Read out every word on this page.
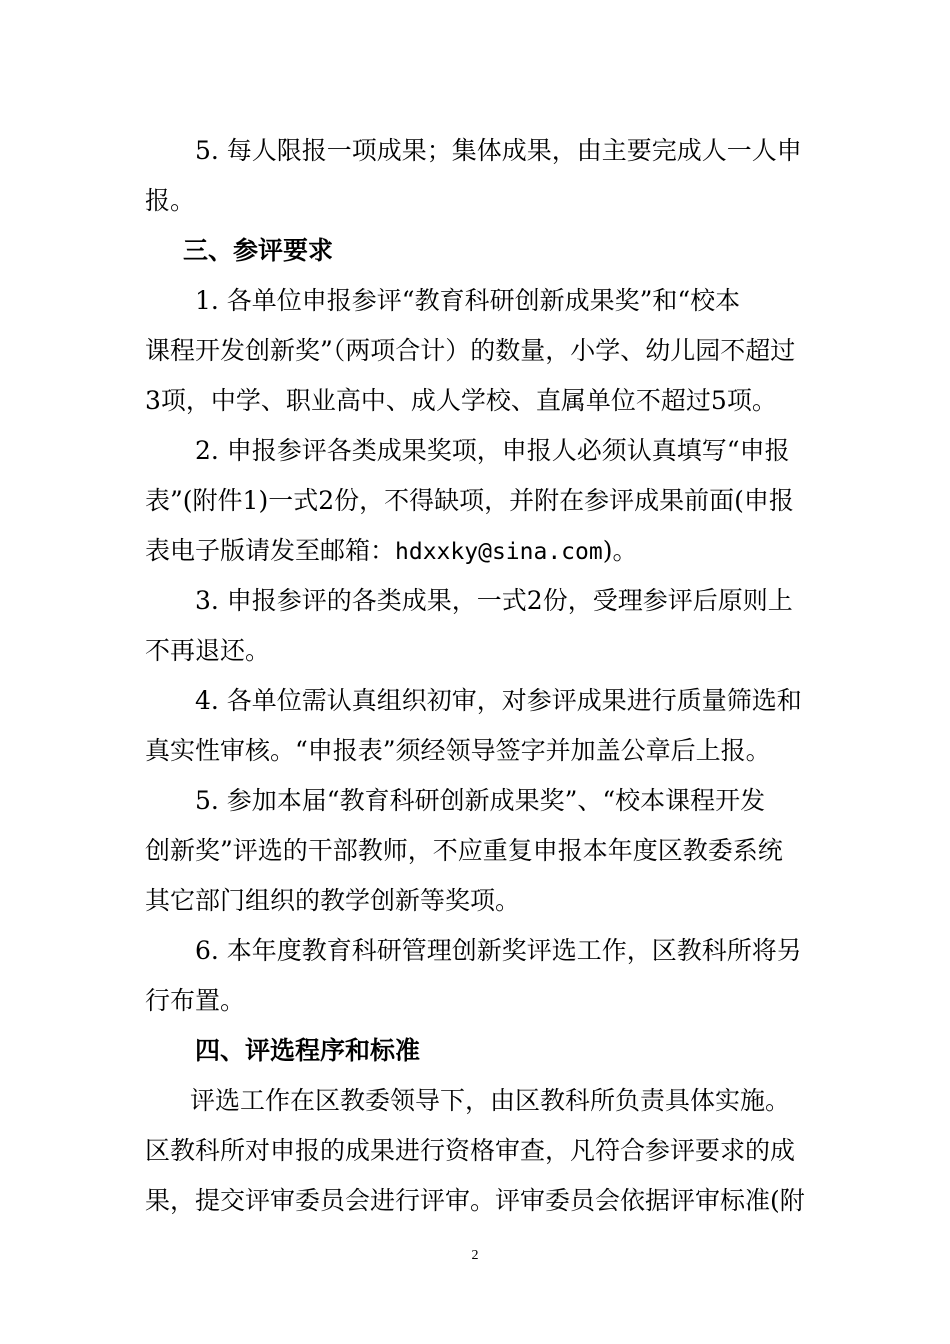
5. 每人限报一项成果；集体成果，由主要完成人一人申
报。
三、参评要求
1. 各单位申报参评“教育科研创新成果奖”和“校本
课程开发创新奖”（两项合计）的数量，小学、幼儿园不超过
3项，中学、职业高中、成人学校、直属单位不超过5项。
2. 申报参评各类成果奖项，申报人必须认真填写“申报
表”(附件1)一式2份，不得缺项，并附在参评成果前面(申报
表电子版请发至邮箱：hdxxky@sina.com)。
3. 申报参评的各类成果，一式2份，受理参评后原则上
不再退还。
4. 各单位需认真组织初审，对参评成果进行质量筛选和
真实性审核。“申报表”须经领导签字并加盖公章后上报。
5. 参加本届“教育科研创新成果奖”、“校本课程开发
创新奖”评选的干部教师，不应重复申报本年度区教委系统
其它部门组织的教学创新等奖项。
6. 本年度教育科研管理创新奖评选工作，区教科所将另
行布置。
四、评选程序和标准
评选工作在区教委领导下，由区教科所负责具体实施。
区教科所对申报的成果进行资格审查，凡符合参评要求的成
果，提交评审委员会进行评审。评审委员会依据评审标准(附
2
